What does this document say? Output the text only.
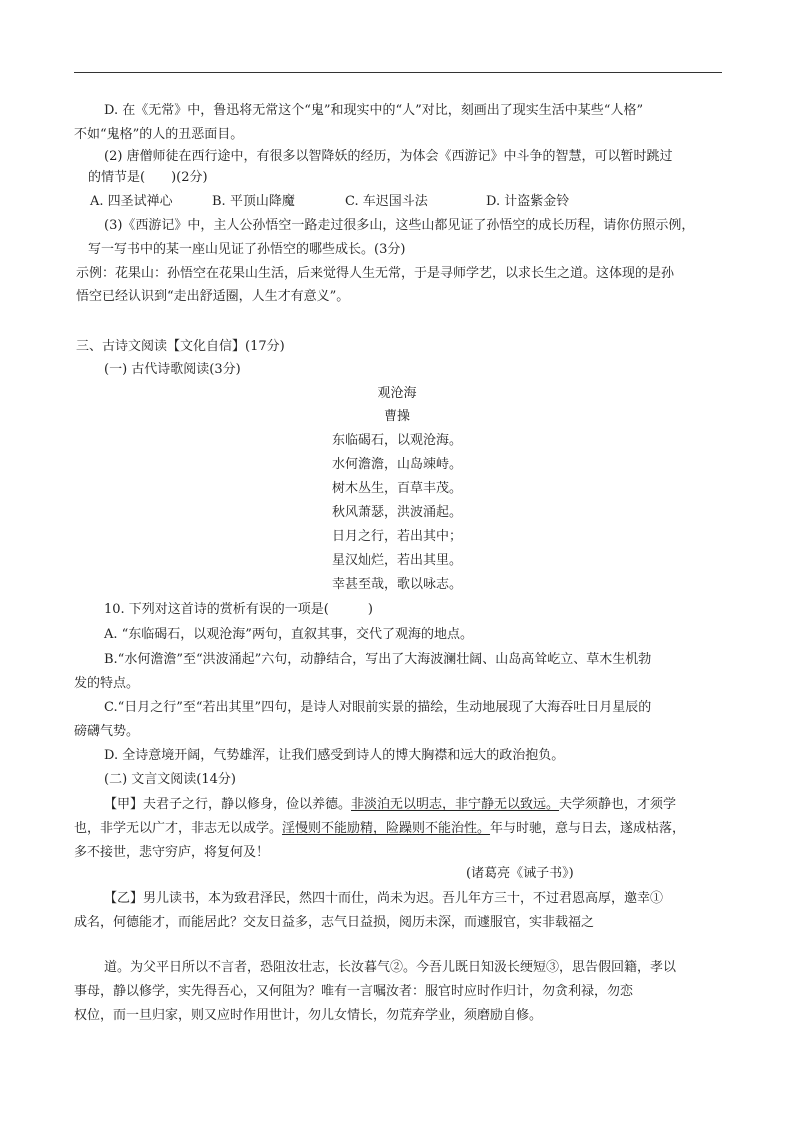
D. 在《无常》中，鲁迅将无常这个“鬼”和现实中的“人”对比，刻画出了现实生活中某些“人格”
不如“鬼格”的人的丑恶面目。
(2) 唐僧师徒在西行途中，有很多以智降妖的经历，为体会《西游记》中斗争的智慧，可以暂时跳过
的情节是(　　)(2分)
A. 四圣试禅心	B. 平顶山降魔	C. 车迟国斗法	D. 计盗紫金铃
(3)《西游记》中，主人公孙悟空一路走过很多山，这些山都见证了孙悟空的成长历程，请你仿照示例，
写一写书中的某一座山见证了孙悟空的哪些成长。(3分)
示例：花果山：孙悟空在花果山生活，后来觉得人生无常，于是寻师学艺，以求长生之道。这体现的是孙
悟空已经认识到“走出舒适圈，人生才有意义”。
三、古诗文阅读【文化自信】(17分)
(一) 古代诗歌阅读(3分)
观沧海
曹操
东临碣石，以观沧海。
水何澹澹，山岛竦峙。
树木丛生，百草丰茂。
秋风萧瑟，洪波涌起。
日月之行，若出其中；
星汉灿烂，若出其里。
幸甚至哉，歌以咏志。
10. 下列对这首诗的赏析有误的一项是(　　　)
A. “东临碣石，以观沧海”两句，直叙其事，交代了观海的地点。
B.“水何澹澹”至“洪波涌起”六句，动静结合，写出了大海波澜壮阔、山岛高耸屹立、草木生机勃
发的特点。
C.“日月之行”至“若出其里”四句，是诗人对眼前实景的描绘，生动地展现了大海吞吐日月星辰的
磅礴气势。
D. 全诗意境开阔，气势雄浑，让我们感受到诗人的博大胸襟和远大的政治抱负。
(二) 文言文阅读(14分)
【甲】夫君子之行，静以修身，俭以养德。非淡泊无以明志，非宁静无以致远。夫学须静也，才须学
也，非学无以广才，非志无以成学。淫慢则不能励精，险躁则不能治性。年与时驰，意与日去，遂成枯落，
多不接世，悲守穷庐，将复何及！
(诸葛亮《诫子书》)
【乙】男儿读书，本为致君泽民，然四十而仕，尚未为迟。吾儿年方三十，不过君恩高厚，邀幸①
成名，何德能才，而能居此？交友日益多，志气日益损，阅历未深，而遽服官，实非载福之
道。为父平日所以不言者，恐阻汝壮志，长汝暮气②。今吾儿既日知汲长绠短③，思告假回籍，孝以
事母，静以修学，实先得吾心，又何阻为？唯有一言嘱汝者：服官时应时作归计，勿贪利禄，勿恋
权位，而一旦归家，则又应时作用世计，勿儿女情长，勿荒弃学业，须磨励自修。
